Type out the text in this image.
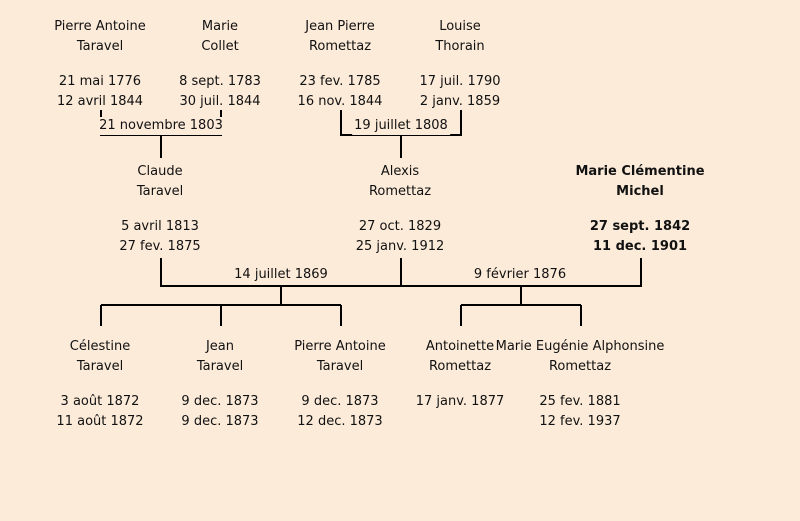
Pierre Antoine
Taravel
21 mai 1776
12 avril 1844
Marie
Collet
8 sept. 1783
30 juil. 1844
Jean Pierre
Romettaz
23 fev. 1785
16 nov. 1844
Louise
Thorain
17 juil. 1790
2 janv. 1859
Claude
Taravel
5 avril 1813
27 fev. 1875
Alexis
Romettaz
27 oct. 1829
25 janv. 1912
Marie Clémentine
Michel
27 sept. 1842
11 dec. 1901
Célestine
Taravel
3 août 1872
11 août 1872
Jean
Taravel
9 dec. 1873
9 dec. 1873
Pierre Antoine
Taravel
9 dec. 1873
12 dec. 1873
Antoinette
Romettaz
17 janv. 1877
Marie Eugénie Alphonsine
Romettaz
25 fev. 1881
12 fev. 1937
21 novembre 1803	19 juillet 1808
14 juillet 1869	9 février 1876
